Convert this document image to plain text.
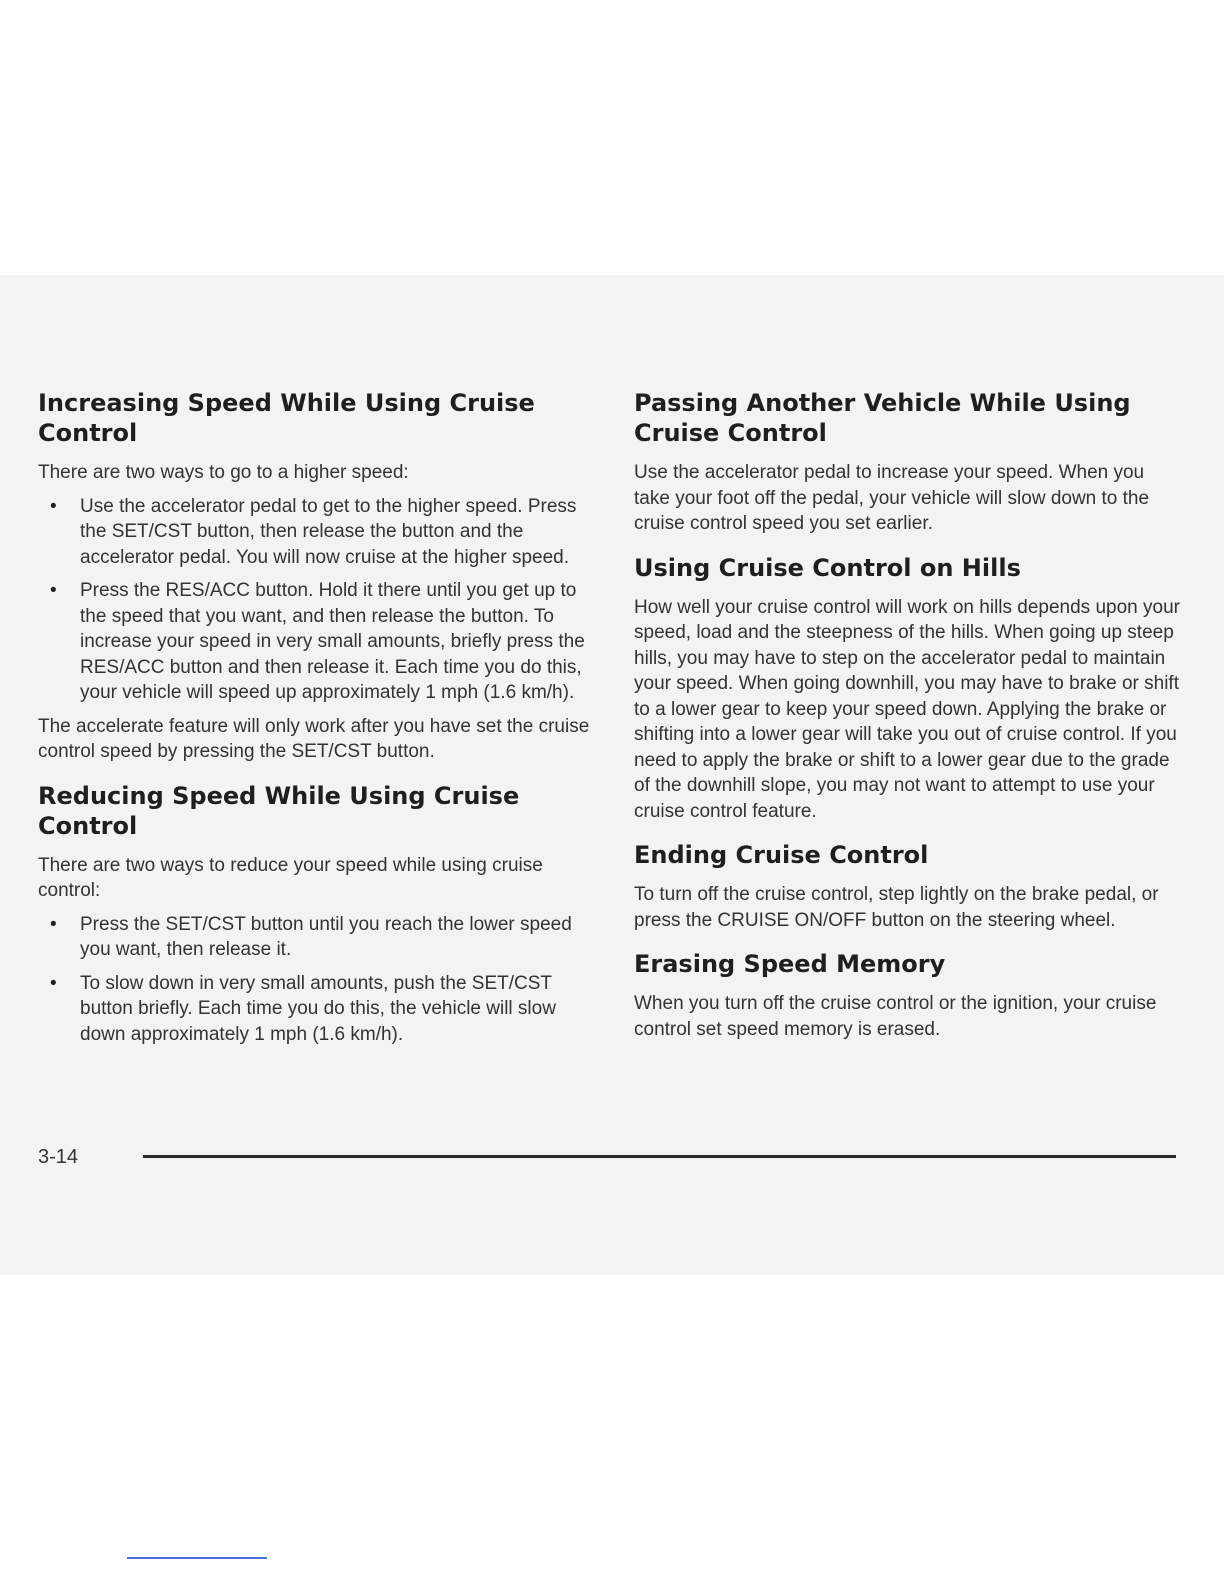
Increasing Speed While Using Cruise Control

There are two ways to go to a higher speed:

• Use the accelerator pedal to get to the higher speed. Press the SET/CST button, then release the button and the accelerator pedal. You will now cruise at the higher speed.
• Press the RES/ACC button. Hold it there until you get up to the speed that you want, and then release the button. To increase your speed in very small amounts, briefly press the RES/ACC button and then release it. Each time you do this, your vehicle will speed up approximately 1 mph (1.6 km/h).

The accelerate feature will only work after you have set the cruise control speed by pressing the SET/CST button.

Reducing Speed While Using Cruise Control

There are two ways to reduce your speed while using cruise control:

• Press the SET/CST button until you reach the lower speed you want, then release it.
• To slow down in very small amounts, push the SET/CST button briefly. Each time you do this, the vehicle will slow down approximately 1 mph (1.6 km/h).
Passing Another Vehicle While Using Cruise Control

Use the accelerator pedal to increase your speed. When you take your foot off the pedal, your vehicle will slow down to the cruise control speed you set earlier.

Using Cruise Control on Hills

How well your cruise control will work on hills depends upon your speed, load and the steepness of the hills. When going up steep hills, you may have to step on the accelerator pedal to maintain your speed. When going downhill, you may have to brake or shift to a lower gear to keep your speed down. Applying the brake or shifting into a lower gear will take you out of cruise control. If you need to apply the brake or shift to a lower gear due to the grade of the downhill slope, you may not want to attempt to use your cruise control feature.

Ending Cruise Control

To turn off the cruise control, step lightly on the brake pedal, or press the CRUISE ON/OFF button on the steering wheel.

Erasing Speed Memory

When you turn off the cruise control or the ignition, your cruise control set speed memory is erased.

3-14
